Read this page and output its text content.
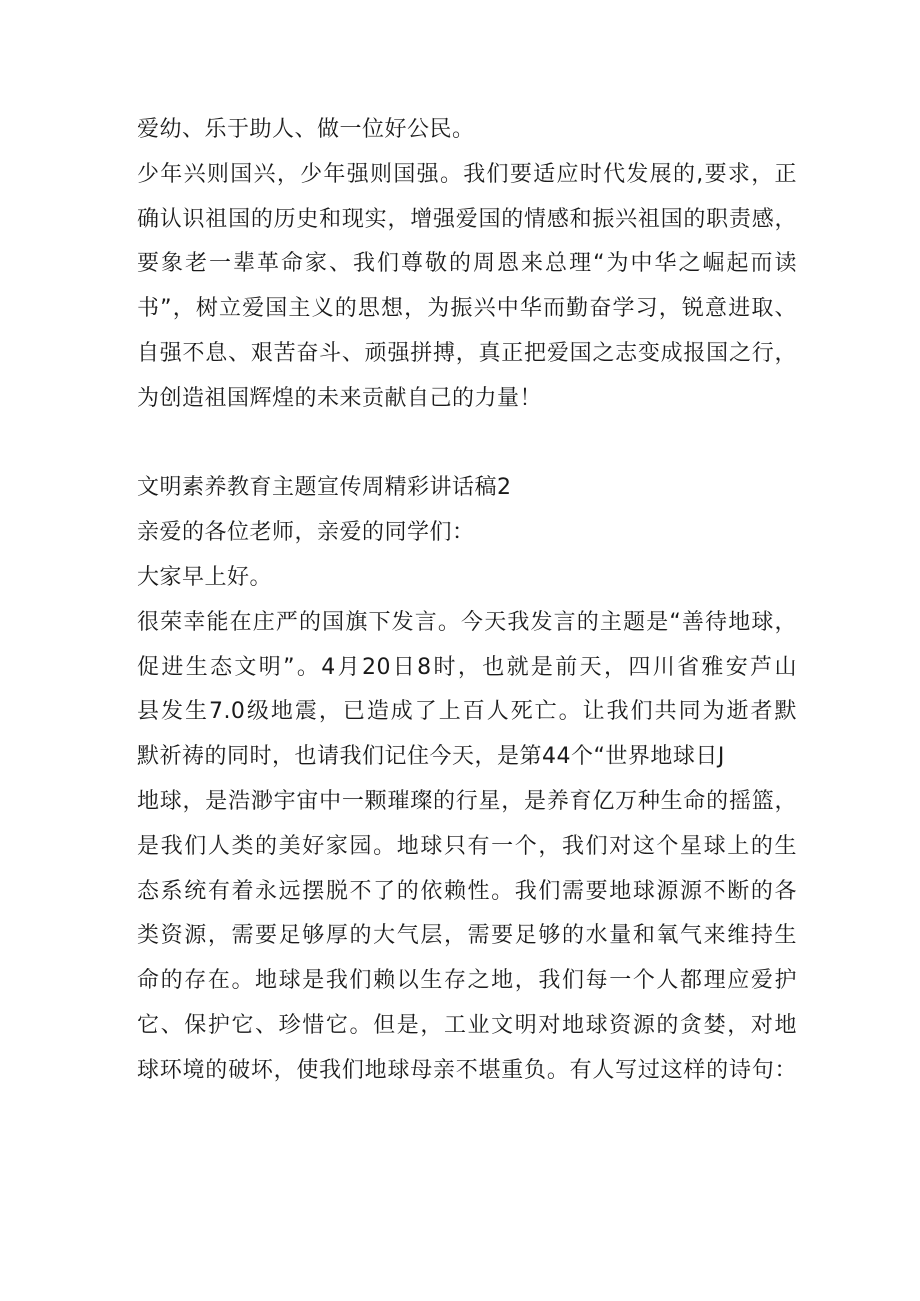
爱幼、乐于助人、做一位好公民。
少年兴则国兴，少年强则国强。我们要适应时代发展的,要求，正
确认识祖国的历史和现实，增强爱国的情感和振兴祖国的职责感，
要象老一辈革命家、我们尊敬的周恩来总理“为中华之崛起而读
书”，树立爱国主义的思想，为振兴中华而勤奋学习，锐意进取、
自强不息、艰苦奋斗、顽强拼搏，真正把爱国之志变成报国之行，
为创造祖国辉煌的未来贡献自己的力量！
文明素养教育主题宣传周精彩讲话稿2
亲爱的各位老师，亲爱的同学们：
大家早上好。
很荣幸能在庄严的国旗下发言。今天我发言的主题是“善待地球，
促进生态文明”。4月20日8时，也就是前天，四川省雅安芦山
县发生7.0级地震，已造成了上百人死亡。让我们共同为逝者默
默祈祷的同时，也请我们记住今天，是第44个“世界地球日J
地球，是浩渺宇宙中一颗璀璨的行星，是养育亿万种生命的摇篮，
是我们人类的美好家园。地球只有一个，我们对这个星球上的生
态系统有着永远摆脱不了的依赖性。我们需要地球源源不断的各
类资源，需要足够厚的大气层，需要足够的水量和氧气来维持生
命的存在。地球是我们赖以生存之地，我们每一个人都理应爱护
它、保护它、珍惜它。但是，工业文明对地球资源的贪婪，对地
球环境的破坏，使我们地球母亲不堪重负。有人写过这样的诗句：
